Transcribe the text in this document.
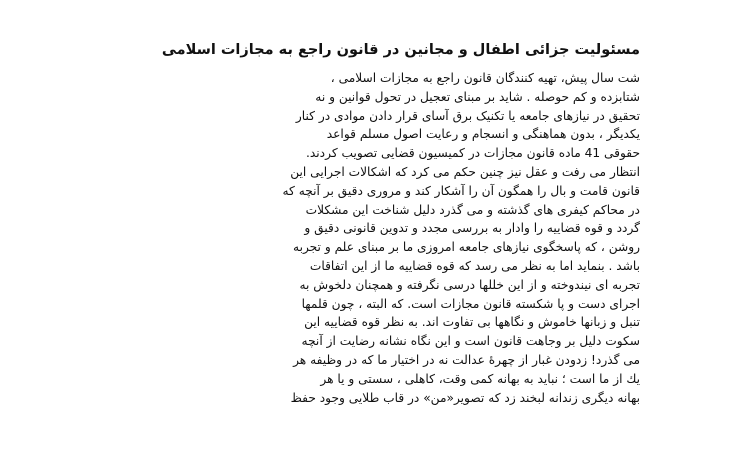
مسئولیت جزائی اطفال و مجانین در قانون راجع به مجازات اسلامی
شت سال پیش، تهیه کنندگان قانون راجع به مجازات اسلامی ،
شتابزده و کم حوصله . شاید بر مبنای تعجیل در تحول قوانین و نه
تحقیق در نیازهای جامعه یا تکنیک برق آسای قرار دادن موادی در کنار
یکدیگر ، بدون هماهنگی و انسجام و رعایت اصول مسلم قواعد
حقوقی 41 ماده قانون مجازات در کمیسیون قضایی تصویب کردند.
انتظار می رفت و عقل نیز چنین حکم می کرد که اشکالات اجرایی این
قانون قامت و بال را همگون آن را آشکار کند و مروری دقیق بر آنچه که
در محاکم کیفری های گذشته و می گذرد دلیل شناخت این مشکلات
گردد و قوه قضاییه را وادار به بررسی مجدد و تدوین قانونی دقیق و
روشن ، که پاسخگوی نیازهای جامعه امروزی ما بر مبنای علم و تجربه
باشد . بنماید اما به نظر می رسد که قوه قضاییه ما از این اتفاقات
تجربه ای نیندوخته و از این خللها درسی نگرفته و همچنان دلخوش به
اجرای دست و پا شکسته قانون مجازات است. که البته ، چون قلمها
تنبل و زبانها خاموش و نگاهها بی تفاوت اند. به نظر قوه قضاییه این
سکوت دلیل بر وجاهت قانون است و این نگاه نشانه رضایت از آنچه
می گذرد! زدودن غبار از چهرۀ عدالت نه در اختیار ما که در وظیفه هر
یك از ما است ؛ نباید به بهانه کمی وقت، کاهلی ، سستی و یا هر
بهانه دیگری زندانه لبخند زد که تصویر«من» در قاب طلایی وجود حفظ
